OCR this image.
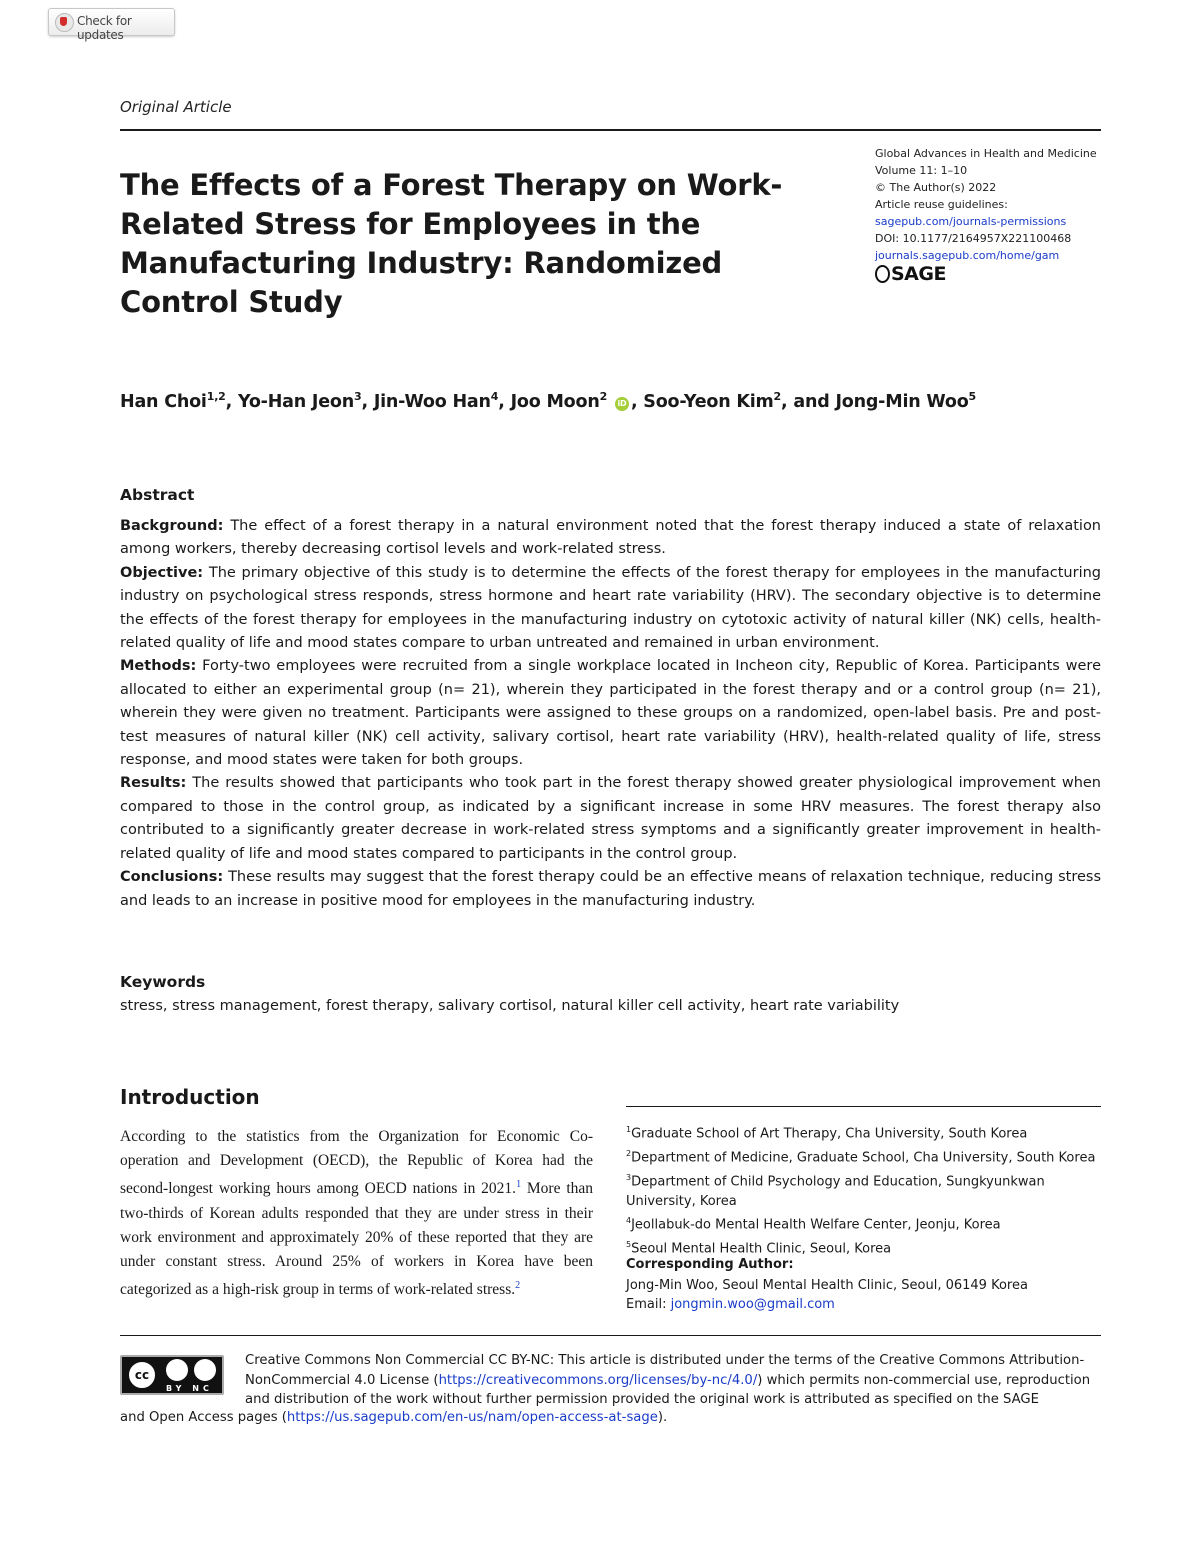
Check for updates
Original Article
The Effects of a Forest Therapy on Work-Related Stress for Employees in the Manufacturing Industry: Randomized Control Study
Global Advances in Health and Medicine
Volume 11: 1–10
© The Author(s) 2022
Article reuse guidelines:
sagepub.com/journals-permissions
DOI: 10.1177/2164957X221100468
journals.sagepub.com/home/gam
SAGE
Han Choi$^{1,2}$, Yo-Han Jeon$^3$, Jin-Woo Han$^4$, Joo Moon$^2$ iD , Soo-Yeon Kim$^2$, and Jong-Min Woo$^5$
Abstract

Background: The effect of a forest therapy in a natural environment noted that the forest therapy induced a state of relaxation among workers, thereby decreasing cortisol levels and work-related stress.

Objective: The primary objective of this study is to determine the effects of the forest therapy for employees in the manufacturing industry on psychological stress responds, stress hormone and heart rate variability (HRV). The secondary objective is to determine the effects of the forest therapy for employees in the manufacturing industry on cytotoxic activity of natural killer (NK) cells, health-related quality of life and mood states compare to urban untreated and remained in urban environment.

Methods: Forty-two employees were recruited from a single workplace located in Incheon city, Republic of Korea. Participants were allocated to either an experimental group (n= 21), wherein they participated in the forest therapy and or a control group (n= 21), wherein they were given no treatment. Participants were assigned to these groups on a randomized, open-label basis. Pre and post-test measures of natural killer (NK) cell activity, salivary cortisol, heart rate variability (HRV), health-related quality of life, stress response, and mood states were taken for both groups.

Results: The results showed that participants who took part in the forest therapy showed greater physiological improvement when compared to those in the control group, as indicated by a significant increase in some HRV measures. The forest therapy also contributed to a significantly greater decrease in work-related stress symptoms and a significantly greater improvement in health-related quality of life and mood states compared to participants in the control group.

Conclusions: These results may suggest that the forest therapy could be an effective means of relaxation technique, reducing stress and leads to an increase in positive mood for employees in the manufacturing industry.

Keywords
stress, stress management, forest therapy, salivary cortisol, natural killer cell activity, heart rate variability
Introduction
According to the statistics from the Organization for Economic Co-operation and Development (OECD), the Republic of Korea had the second-longest working hours among OECD nations in 2021.$^1$ More than two-thirds of Korean adults responded that they are under stress in their work environment and approximately 20% of these reported that they are under constant stress. Around 25% of workers in Korea have been categorized as a high-risk group in terms of work-related stress.$^2$
$^1$Graduate School of Art Therapy, Cha University, South Korea
$^2$Department of Medicine, Graduate School, Cha University, South Korea
$^3$Department of Child Psychology and Education, Sungkyunkwan University, Korea
$^4$Jeollabuk-do Mental Health Welfare Center, Jeonju, Korea
$^5$Seoul Mental Health Clinic, Seoul, Korea
Corresponding Author:
Jong-Min Woo, Seoul Mental Health Clinic, Seoul, 06149 Korea
Email: jongmin.woo@gmail.com
cc
BY NC
Creative Commons Non Commercial CC BY-NC: This article is distributed under the terms of the Creative Commons Attribution-NonCommercial 4.0 License (https://creativecommons.org/licenses/by-nc/4.0/) which permits non-commercial use, reproduction and distribution of the work without further permission provided the original work is attributed as specified on the SAGE
and Open Access pages (https://us.sagepub.com/en-us/nam/open-access-at-sage).
